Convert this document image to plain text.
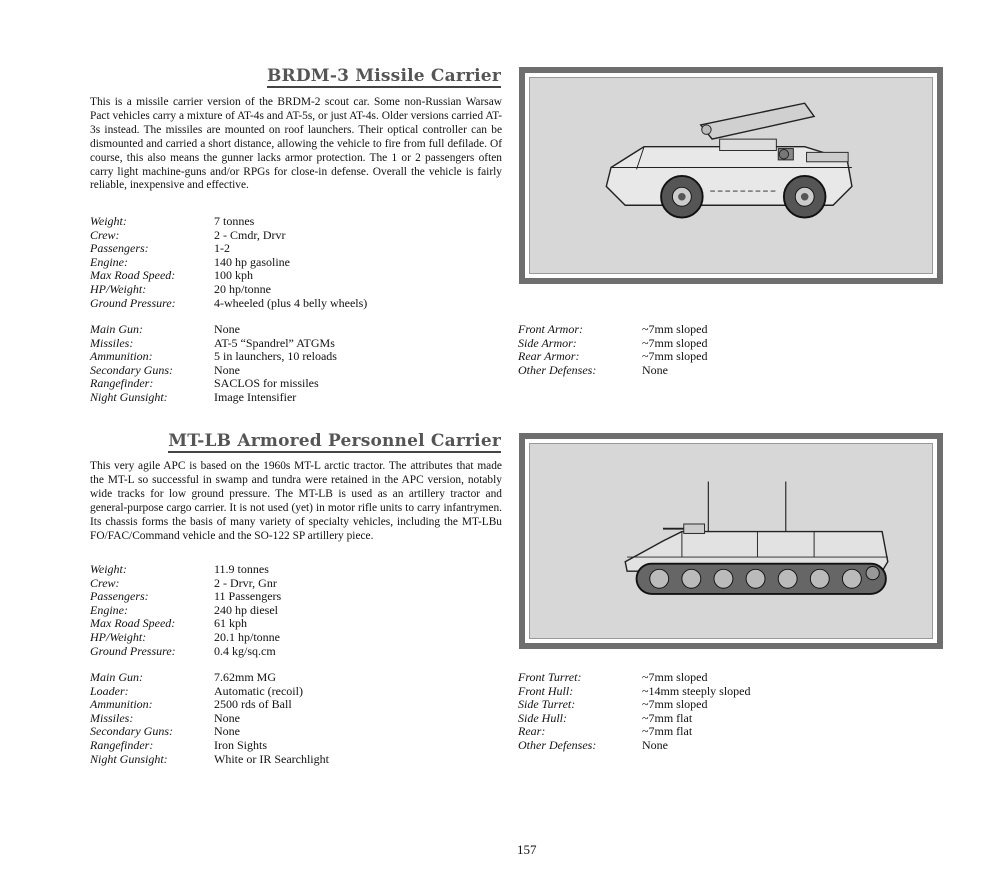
BRDM-3 Missile Carrier
This is a missile carrier version of the BRDM-2 scout car. Some non-Russian Warsaw Pact vehicles carry a mixture of AT-4s and AT-5s, or just AT-4s. Older versions carried AT-3s instead. The missiles are mounted on roof launchers. Their optical controller can be dismounted and carried a short distance, allowing the vehicle to fire from full defilade. Of course, this also means the gunner lacks armor protection. The 1 or 2 passengers often carry light machine-guns and/or RPGs for close-in defense. Overall the vehicle is fairly reliable, inexpensive and effective.
Weight:	7 tonnes
Crew:	2 - Cmdr, Drvr
Passengers:	1-2
Engine:	140 hp gasoline
Max Road Speed:	100 kph
HP/Weight:	20 hp/tonne
Ground Pressure:	4-wheeled (plus 4 belly wheels)
Main Gun:	None
Missiles:	AT-5 “Spandrel” ATGMs
Ammunition:	5 in launchers, 10 reloads
Secondary Guns:	None
Rangefinder:	SACLOS for missiles
Night Gunsight:	Image Intensifier
Front Armor:	~7mm sloped
Side Armor:	~7mm sloped
Rear Armor:	~7mm sloped
Other Defenses:	None
MT-LB Armored Personnel Carrier
This very agile APC is based on the 1960s MT-L arctic tractor. The attributes that made the MT-L so successful in swamp and tundra were retained in the APC version, notably wide tracks for low ground pressure. The MT-LB is used as an artillery tractor and general-purpose cargo carrier. It is not used (yet) in motor rifle units to carry infantrymen. Its chassis forms the basis of many variety of specialty vehicles, including the MT-LBu FO/FAC/Command vehicle and the SO-122 SP artillery piece.
Weight:	11.9 tonnes
Crew:	2 - Drvr, Gnr
Passengers:	11 Passengers
Engine:	240 hp diesel
Max Road Speed:	61 kph
HP/Weight:	20.1 hp/tonne
Ground Pressure:	0.4 kg/sq.cm
Main Gun:	7.62mm MG
Loader:	Automatic (recoil)
Ammunition:	2500 rds of Ball
Missiles:	None
Secondary Guns:	None
Rangefinder:	Iron Sights
Night Gunsight:	White or IR Searchlight
Front Turret:	~7mm sloped
Front Hull:	~14mm steeply sloped
Side Turret:	~7mm sloped
Side Hull:	~7mm flat
Rear:	~7mm flat
Other Defenses:	None
157
